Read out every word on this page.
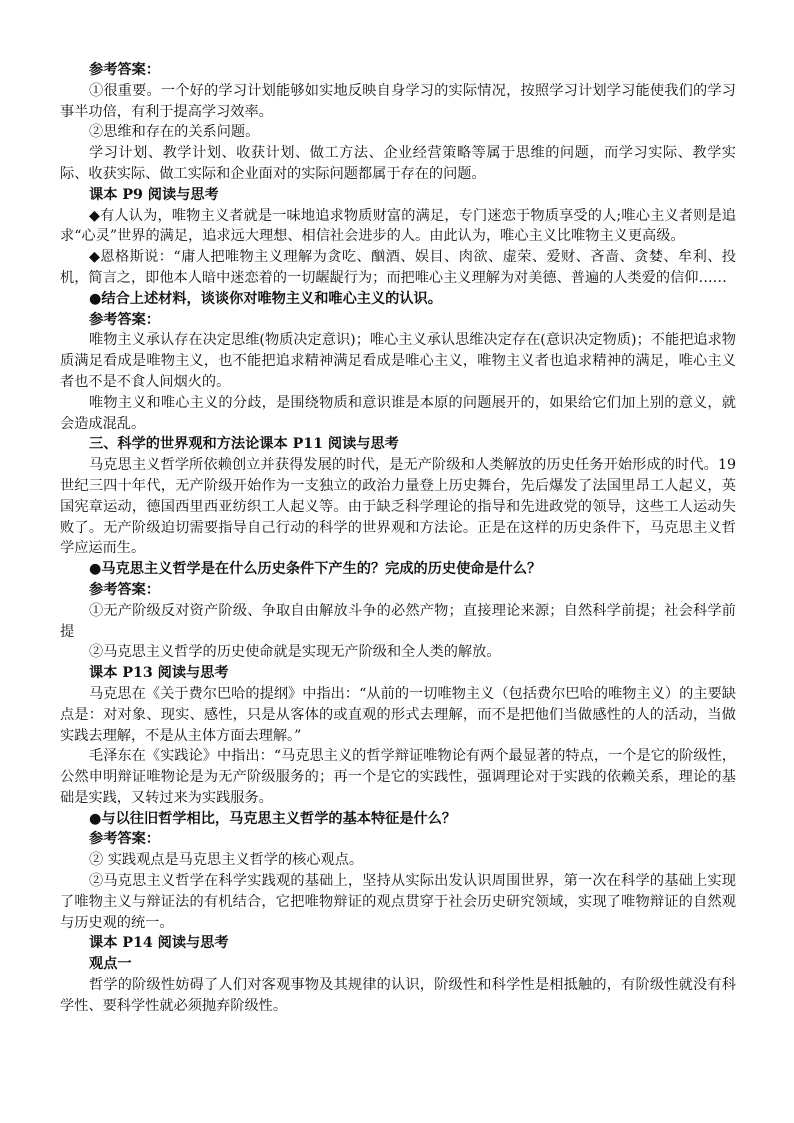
参考答案：

①很重要。一个好的学习计划能够如实地反映自身学习的实际情况，按照学习计划学习能使我们的学习事半功倍，有利于提高学习效率。

②思维和存在的关系问题。

学习计划、教学计划、收获计划、做工方法、企业经营策略等属于思维的问题，而学习实际、教学实际、收获实际、做工实际和企业面对的实际问题都属于存在的问题。

课本 P9 阅读与思考

◆有人认为，唯物主义者就是一味地追求物质财富的满足，专门迷恋于物质享受的人;唯心主义者则是追求“心灵”世界的满足，追求远大理想、相信社会进步的人。由此认为，唯心主义比唯物主义更高级。

◆恩格斯说：“庸人把唯物主义理解为贪吃、酗酒、娱目、肉欲、虚荣、爱财、吝啬、贪婪、牟利、投机，简言之，即他本人暗中迷恋着的一切龌龊行为；而把唯心主义理解为对美德、普遍的人类爱的信仰……

●结合上述材料，谈谈你对唯物主义和唯心主义的认识。

参考答案：

唯物主义承认存在决定思维(物质决定意识)；唯心主义承认思维决定存在(意识决定物质)；不能把追求物质满足看成是唯物主义，也不能把追求精神满足看成是唯心主义，唯物主义者也追求精神的满足，唯心主义者也不是不食人间烟火的。

唯物主义和唯心主义的分歧，是围绕物质和意识谁是本原的问题展开的，如果给它们加上别的意义，就会造成混乱。

三、科学的世界观和方法论课本 P11 阅读与思考

马克思主义哲学所依赖创立并获得发展的时代，是无产阶级和人类解放的历史任务开始形成的时代。19 世纪三四十年代，无产阶级开始作为一支独立的政治力量登上历史舞台，先后爆发了法国里昂工人起义，英国宪章运动，德国西里西亚纺织工人起义等。由于缺乏科学理论的指导和先进政党的领导，这些工人运动失败了。无产阶级迫切需要指导自己行动的科学的世界观和方法论。正是在这样的历史条件下，马克思主义哲学应运而生。

●马克思主义哲学是在什么历史条件下产生的？完成的历史使命是什么？

参考答案：

①无产阶级反对资产阶级、争取自由解放斗争的必然产物；直接理论来源；自然科学前提；社会科学前提

②马克思主义哲学的历史使命就是实现无产阶级和全人类的解放。

课本 P13 阅读与思考

马克思在《关于费尔巴哈的提纲》中指出：“从前的一切唯物主义（包括费尔巴哈的唯物主义）的主要缺点是：对对象、现实、感性，只是从客体的或直观的形式去理解，而不是把他们当做感性的人的活动，当做实践去理解，不是从主体方面去理解。”

毛泽东在《实践论》中指出：“马克思主义的哲学辩证唯物论有两个最显著的特点，一个是它的阶级性，公然申明辩证唯物论是为无产阶级服务的；再一个是它的实践性，强调理论对于实践的依赖关系，理论的基础是实践，又转过来为实践服务。

●与以往旧哲学相比，马克思主义哲学的基本特征是什么？

参考答案：

② 实践观点是马克思主义哲学的核心观点。

②马克思主义哲学在科学实践观的基础上，坚持从实际出发认识周围世界，第一次在科学的基础上实现了唯物主义与辩证法的有机结合，它把唯物辩证的观点贯穿于社会历史研究领域，实现了唯物辩证的自然观与历史观的统一。

课本 P14 阅读与思考

观点一

哲学的阶级性妨碍了人们对客观事物及其规律的认识，阶级性和科学性是相抵触的，有阶级性就没有科学性、要科学性就必须抛弃阶级性。
